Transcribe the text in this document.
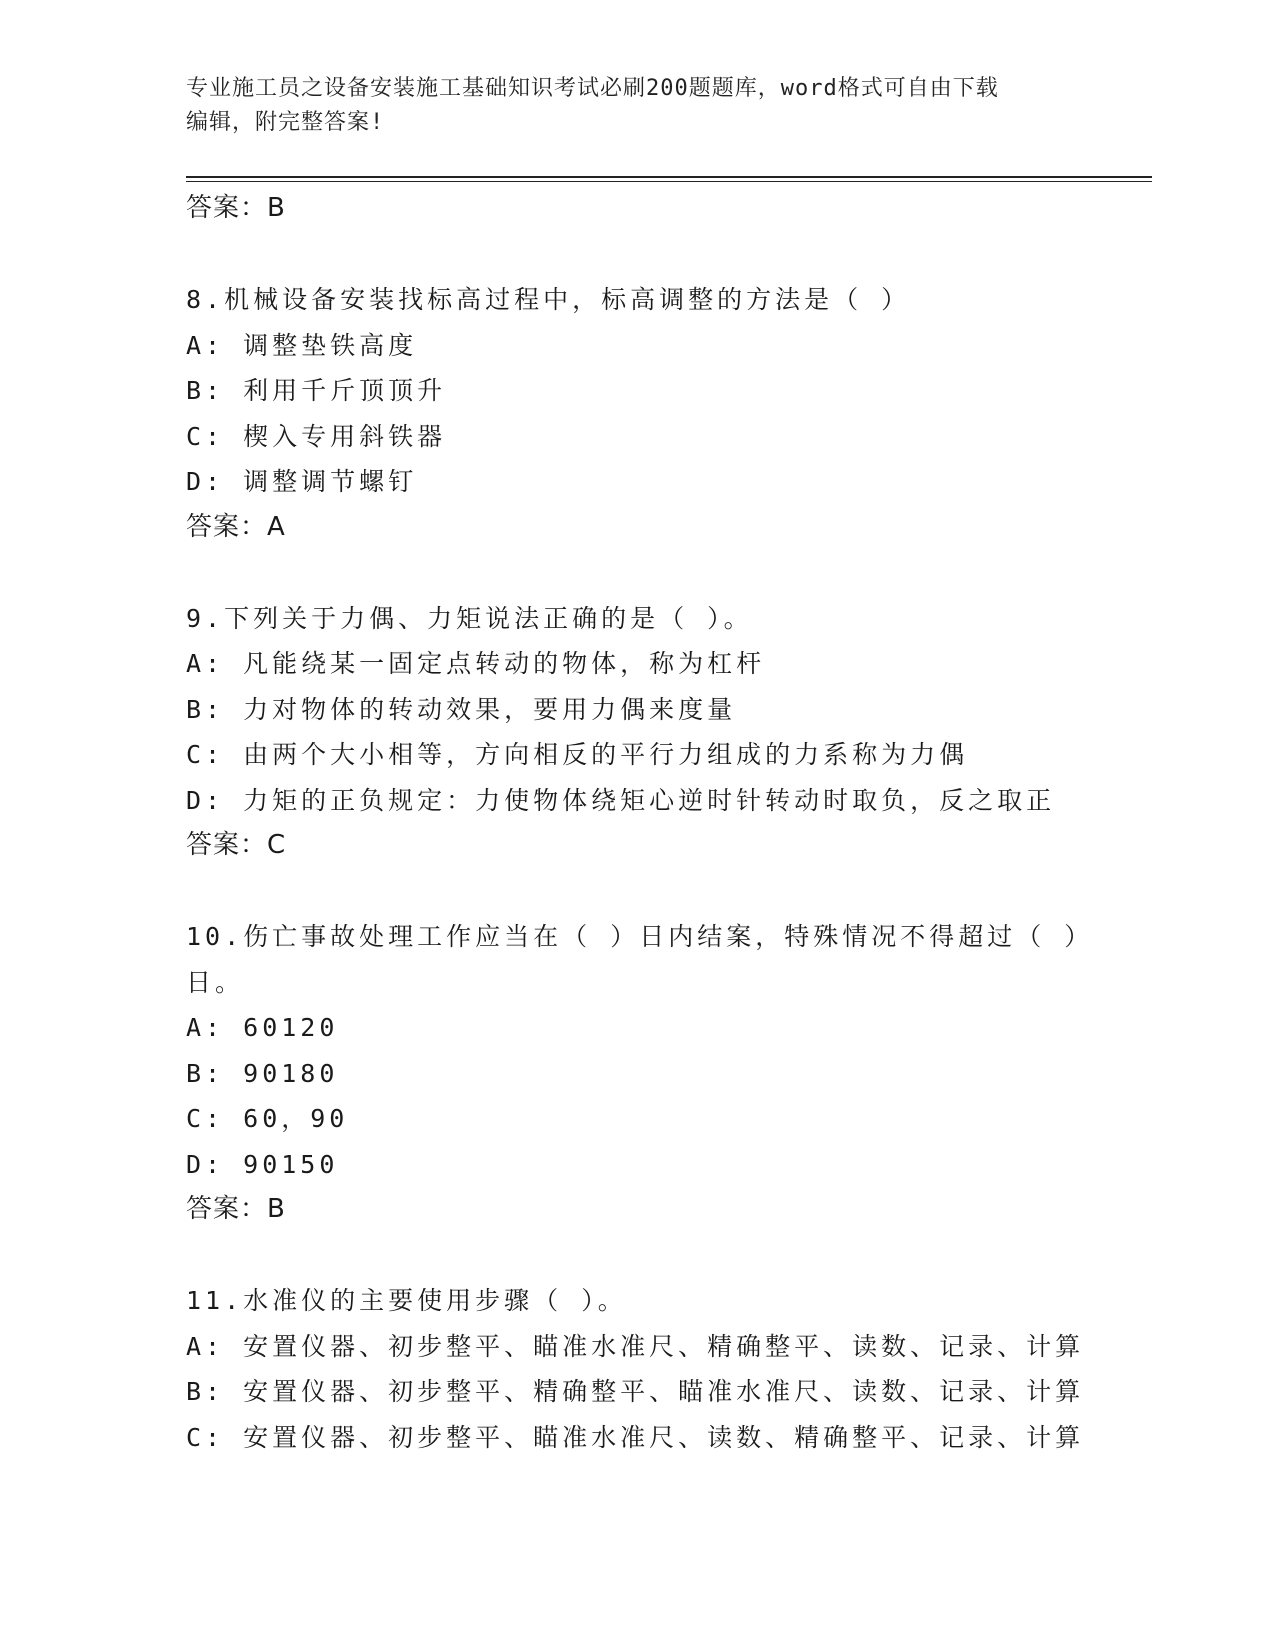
专业施工员之设备安装施工基础知识考试必刷200题题库，word格式可自由下载
编辑，附完整答案!
答案：B
8.机械设备安装找标高过程中，标高调整的方法是（ ）
A: 调整垫铁高度
B: 利用千斤顶顶升
C: 楔入专用斜铁器
D: 调整调节螺钉
答案：A
9.下列关于力偶、力矩说法正确的是（ ）。
A: 凡能绕某一固定点转动的物体，称为杠杆
B: 力对物体的转动效果，要用力偶来度量
C: 由两个大小相等，方向相反的平行力组成的力系称为力偶
D: 力矩的正负规定：力使物体绕矩心逆时针转动时取负，反之取正
答案：C
10.伤亡事故处理工作应当在（ ）日内结案，特殊情况不得超过（ ）
日。
A: 60120
B: 90180
C: 60，90
D: 90150
答案：B
11.水准仪的主要使用步骤（ ）。
A: 安置仪器、初步整平、瞄准水准尺、精确整平、读数、记录、计算
B: 安置仪器、初步整平、精确整平、瞄准水准尺、读数、记录、计算
C: 安置仪器、初步整平、瞄准水准尺、读数、精确整平、记录、计算
